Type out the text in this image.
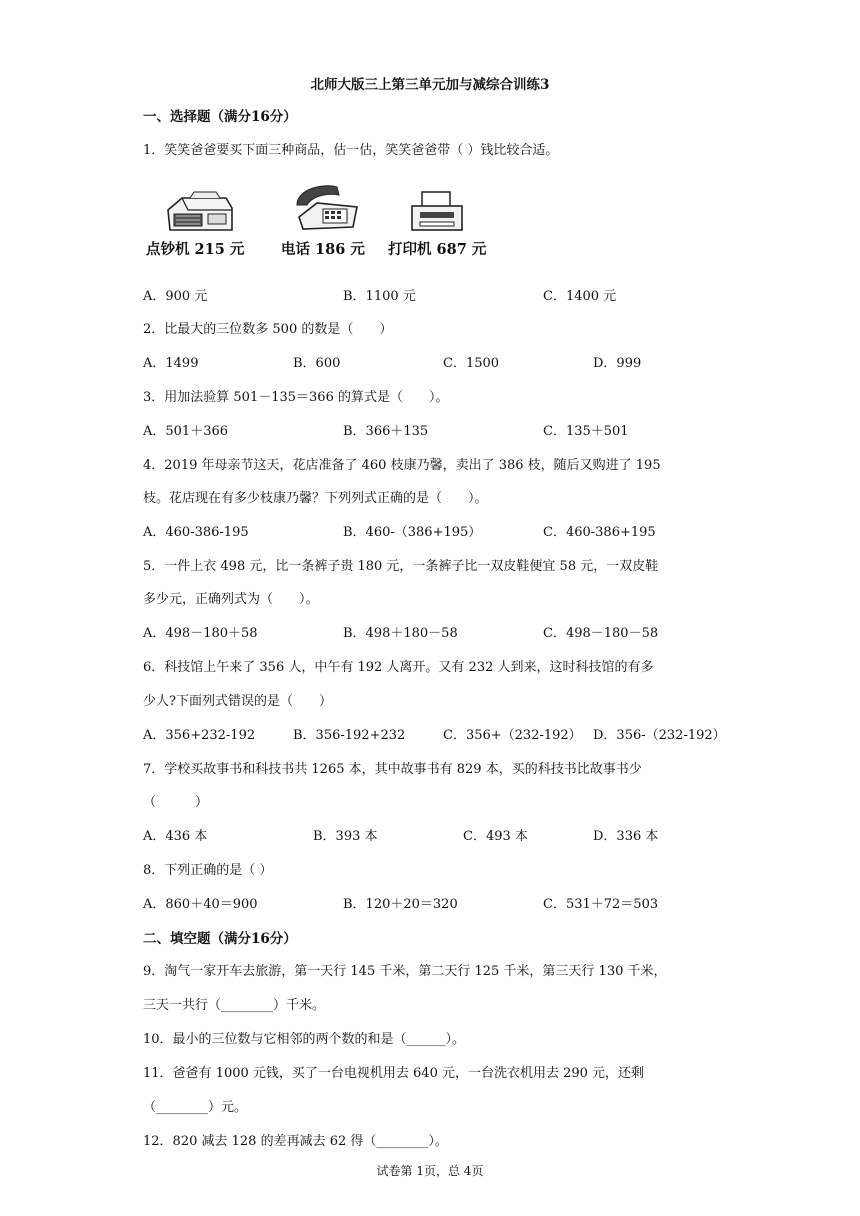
北师大版三上第三单元加与减综合训练3
一、选择题（满分16分）
1．笑笑爸爸要买下面三种商品，估一估，笑笑爸爸带（ ）钱比较合适。
点钞机 215 元	电话 186 元 打印机 687 元
A．900 元	B．1100 元	C．1400 元
2．比最大的三位数多 500 的数是（　　）
A．1499	B．600	C．1500	D．999
3．用加法验算 501－135＝366 的算式是（　　）。
A．501＋366	B．366＋135	C．135＋501
4．2019 年母亲节这天，花店准备了 460 枝康乃馨，卖出了 386 枝，随后又购进了 195
枝。花店现在有多少枝康乃馨？下列列式正确的是（　　）。
A．460-386-195	B．460-（386+195）	C．460-386+195
5．一件上衣 498 元，比一条裤子贵 180 元，一条裤子比一双皮鞋便宜 58 元，一双皮鞋
多少元，正确列式为（　　）。
A．498－180＋58	B．498＋180－58	C．498－180－58
6．科技馆上午来了 356 人，中午有 192 人离开。又有 232 人到来，这时科技馆的有多
少人?下面列式错误的是（　　）
A．356+232-192	B．356-192+232	C．356+（232-192） D．356-（232-192）
7．学校买故事书和科技书共 1265 本，其中故事书有 829 本，买的科技书比故事书少
（　　　）
A．436 本	B．393 本	C．493 本	D．336 本
8．下列正确的是（ ）
A．860＋40＝900	B．120＋20＝320	C．531＋72＝503
二、填空题（满分16分）
9．淘气一家开车去旅游，第一天行 145 千米，第二天行 125 千米，第三天行 130 千米，
三天一共行（________）千米。
10．最小的三位数与它相邻的两个数的和是（______）。
11．爸爸有 1000 元钱，买了一台电视机用去 640 元，一台洗衣机用去 290 元，还剩
（________）元。
12．820 减去 128 的差再减去 62 得（________）。
试卷第 1页，总 4页
